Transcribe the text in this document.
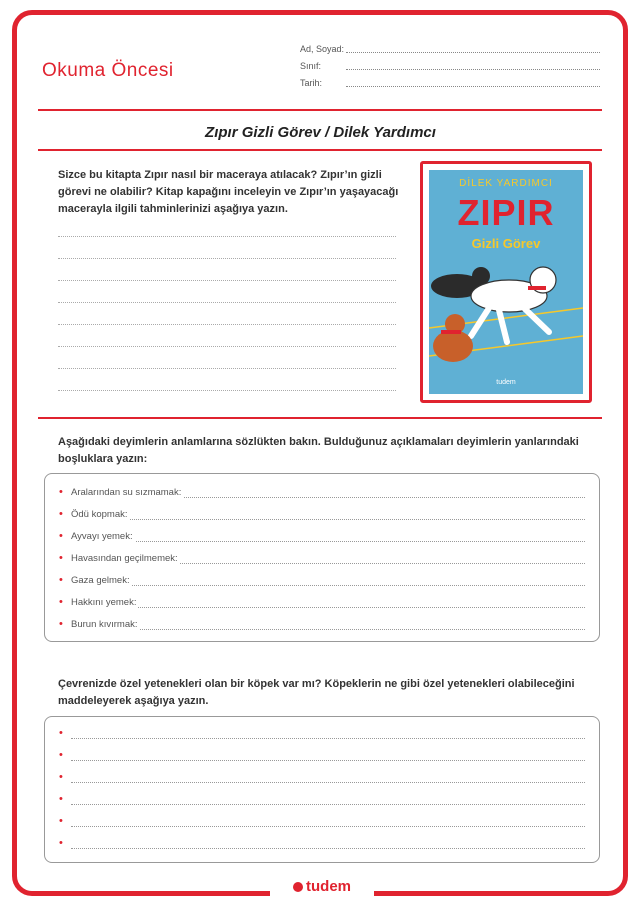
Okuma Öncesi
Ad, Soyad:
Sınıf:
Tarih:
Zıpır Gizli Görev / Dilek Yardımcı
Sizce bu kitapta Zıpır nasıl bir maceraya atılacak? Zıpır’ın gizli
görevi ne olabilir? Kitap kapağını inceleyin ve Zıpır’ın yaşayacağı
macerayla ilgili tahminlerinizi aşağıya yazın.
DİLEK YARDIMCI
ZIPIR
Gizli Görev
tudem
Aşağıdaki deyimlerin anlamlarına sözlükten bakın. Bulduğunuz açıklamaları deyimlerin yanlarındaki
boşluklara yazın:
• Aralarından su sızmamak:
• Ödü kopmak:
• Ayvayı yemek:
• Havasından geçilmemek:
• Gaza gelmek:
• Hakkını yemek:
• Burun kıvırmak:
Çevrenizde özel yetenekleri olan bir köpek var mı? Köpeklerin ne gibi özel yetenekleri olabileceğini
maddeleyerek aşağıya yazın.
•
•
•
•
•
•
tudem
